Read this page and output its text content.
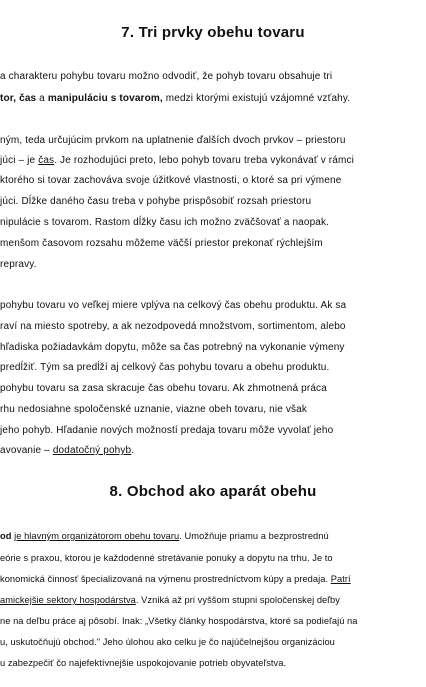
7. Tri prvky obehu tovaru
a charakteru pohybu tovaru možno odvodiť, že pohyb tovaru obsahuje tri
tor, čas a manipuláciu s tovarom, medzi ktorými existujú vzájomné vzťahy.
ným, teda určujúcim prvkom na uplatnenie ďalších dvoch prvkov – priestoru
júci – je čas. Je rozhodujúci preto, lebo pohyb tovaru treba vykonávať v rámci
ktorého si tovar zachováva svoje úžitkové vlastnosti, o ktoré sa pri výmene
júci. Dĺžke daného času treba v pohybe prispôsobiť rozsah priestoru
nipulácie s tovarom. Rastom dĺžky času ich možno zväčšovať a naopak.
menšom časovom rozsahu môžeme väčší priestor prekonať rýchlejším
repravy.
pohybu tovaru vo veľkej miere vplýva na celkový čas obehu produktu. Ak sa
raví na miesto spotreby, a ak nezodpovedá množstvom, sortimentom, alebo
hľadiska požiadavkám dopytu, môže sa čas potrebný na vykonanie výmeny
predĺžiť. Tým sa predĺží aj celkový čas pohybu tovaru a obehu produktu.
pohybu tovaru sa zasa skracuje čas obehu tovaru. Ak zhmotnená práca
rhu nedosiahne spoločenské uznanie, viazne obeh tovaru, nie však
jeho pohyb. Hľadanie nových možností predaja tovaru môže vyvolať jeho
avovanie – dodatočný pohyb.
8. Obchod ako aparát obehu
od je hlavným organizátorom obehu tovaru. Umožňuje priamu a bezprostrednú
eórie s praxou, ktorou je každodenné stretávanie ponuky a dopytu na trhu. Je to
konomická činnosť špecializovaná na výmenu prostredníctvom kúpy a predaja. Patrí
amickejšie sektory hospodárstva. Vzniká až pri vyššom stupni spoločenskej deľby
ne na deľbu práce aj pôsobí. Inak: „Všetky články hospodárstva, ktoré sa podieľajú na
u, uskutočňujú obchod." Jeho úlohou ako celku je čo najúčelnejšou organizáciou
u zabezpečiť čo najefektívnejšie uspokojovanie potrieb obyvateľstva.
